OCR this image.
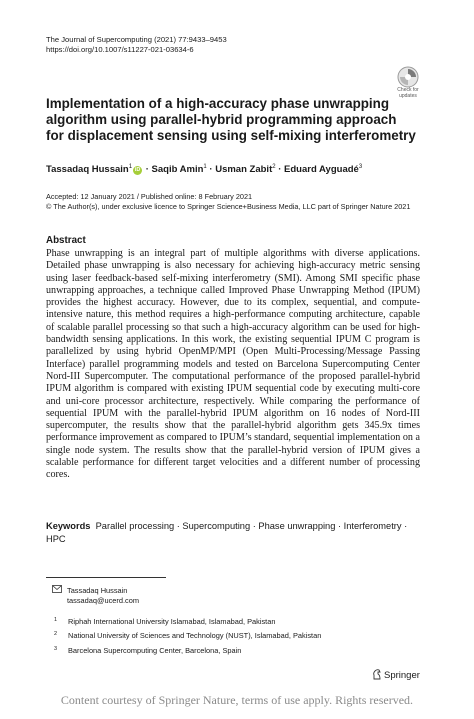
The Journal of Supercomputing (2021) 77:9433–9453
https://doi.org/10.1007/s11227-021-03634-6
Check for
updates
Implementation of a high-accuracy phase unwrapping
algorithm using parallel-hybrid programming approach
for displacement sensing using self-mixing interferometry
Tassadaq Hussain$^1$ iD · Saqib Amin$^1$ · Usman Zabit$^2$ · Eduard Ayguadé$^3$
Accepted: 12 January 2021 / Published online: 8 February 2021
© The Author(s), under exclusive licence to Springer Science+Business Media, LLC part of Springer Nature 2021
Abstract
Phase unwrapping is an integral part of multiple algorithms with diverse applications. Detailed phase unwrapping is also necessary for achieving high-accuracy metric sensing using laser feedback-based self-mixing interferometry (SMI). Among SMI specific phase unwrapping approaches, a technique called Improved Phase Unwrapping Method (IPUM) provides the highest accuracy. However, due to its complex, sequential, and compute-intensive nature, this method requires a high-performance computing architecture, capable of scalable parallel processing so that such a high-accuracy algorithm can be used for high-bandwidth sensing applications. In this work, the existing sequential IPUM C program is parallelized by using hybrid OpenMP/MPI (Open Multi-Processing/Message Passing Interface) parallel programming models and tested on Barcelona Supercomputing Center Nord-III Supercomputer. The computational performance of the proposed parallel-hybrid IPUM algorithm is compared with existing IPUM sequential code by executing multi-core and uni-core processor architecture, respectively. While comparing the performance of sequential IPUM with the parallel-hybrid IPUM algorithm on 16 nodes of Nord-III supercomputer, the results show that the parallel-hybrid algorithm gets 345.9x times performance improvement as compared to IPUM’s standard, sequential implementation on a single node system. The results show that the parallel-hybrid version of IPUM gives a scalable performance for different target velocities and a different number of processing cores.
Keywords Parallel processing · Supercomputing · Phase unwrapping · Interferometry · HPC
Tassadaq Hussain
tassadaq@ucerd.com
$^1$ Riphah International University Islamabad, Islamabad, Pakistan
$^2$ National University of Sciences and Technology (NUST), Islamabad, Pakistan
$^3$ Barcelona Supercomputing Center, Barcelona, Spain
Springer
Content courtesy of Springer Nature, terms of use apply. Rights reserved.
